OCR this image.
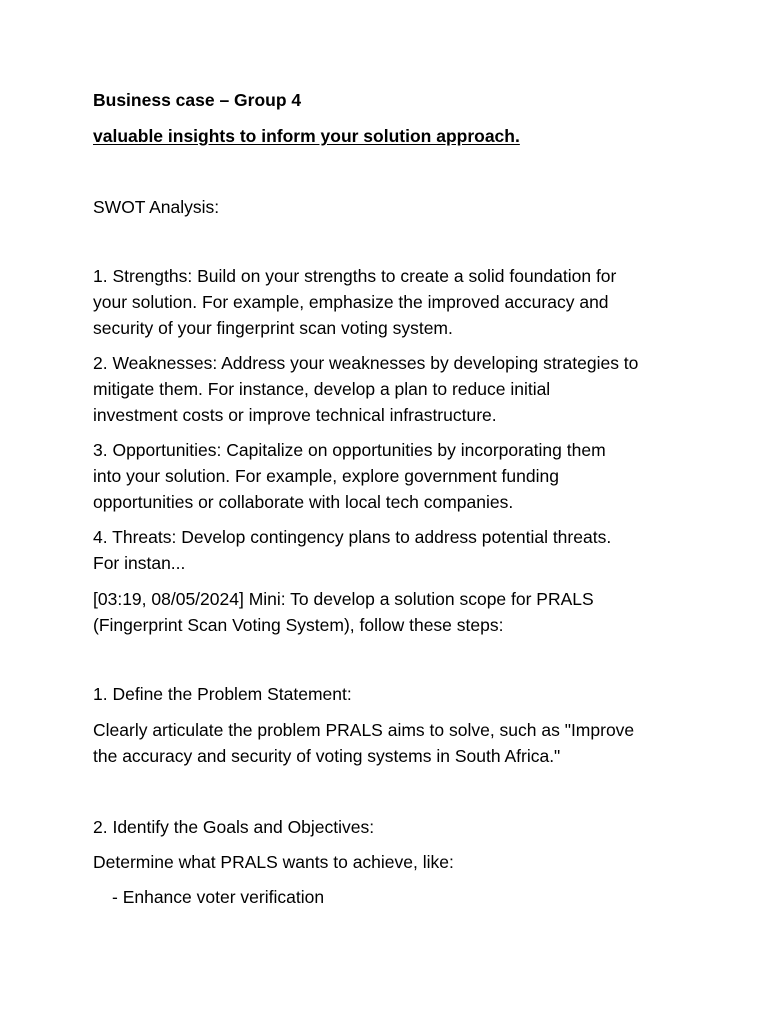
Business case – Group 4
valuable insights to inform your solution approach.
SWOT Analysis:
1. Strengths: Build on your strengths to create a solid foundation for
your solution. For example, emphasize the improved accuracy and
security of your fingerprint scan voting system.
2. Weaknesses: Address your weaknesses by developing strategies to
mitigate them. For instance, develop a plan to reduce initial
investment costs or improve technical infrastructure.
3. Opportunities: Capitalize on opportunities by incorporating them
into your solution. For example, explore government funding
opportunities or collaborate with local tech companies.
4. Threats: Develop contingency plans to address potential threats.
For instan...
[03:19, 08/05/2024] Mini: To develop a solution scope for PRALS
(Fingerprint Scan Voting System), follow these steps:
1. Define the Problem Statement:
Clearly articulate the problem PRALS aims to solve, such as "Improve
the accuracy and security of voting systems in South Africa."
2. Identify the Goals and Objectives:
Determine what PRALS wants to achieve, like:
- Enhance voter verification
